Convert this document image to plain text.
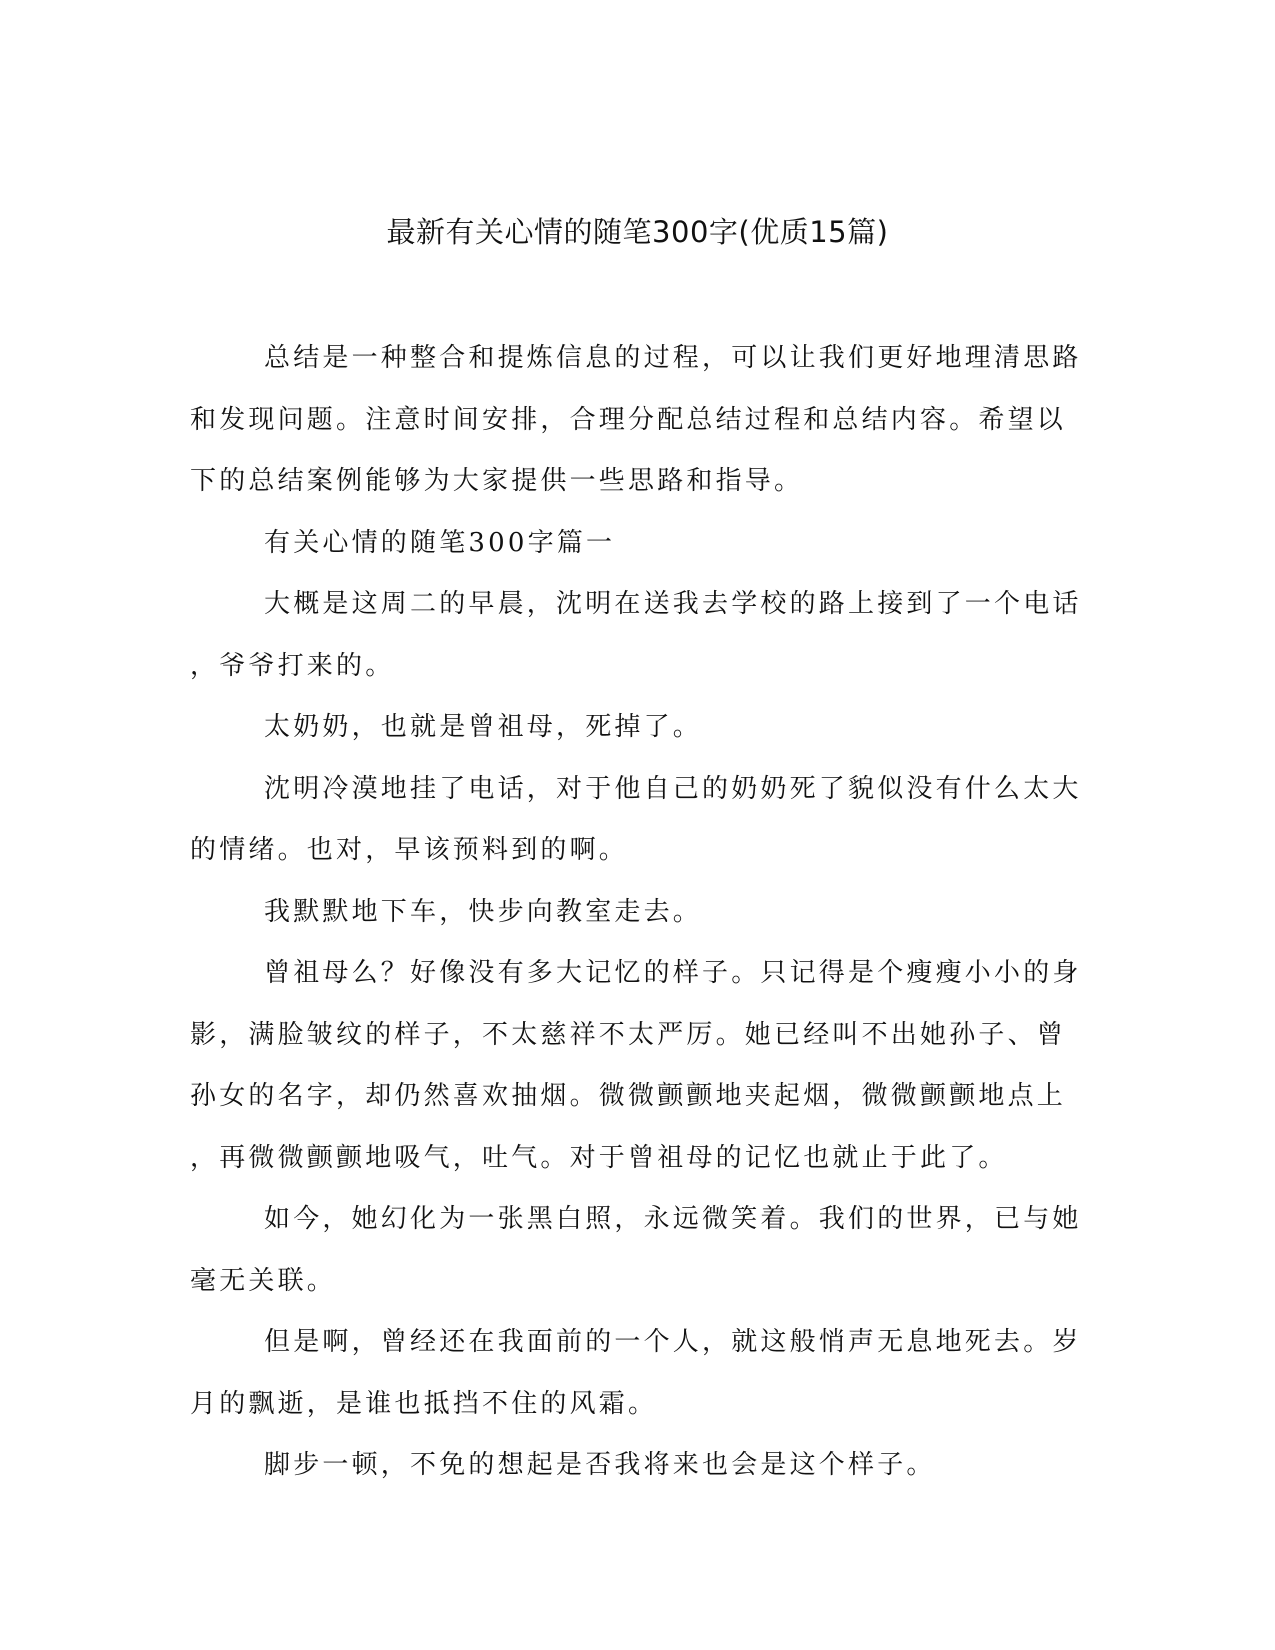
最新有关心情的随笔300字(优质15篇)
总结是一种整合和提炼信息的过程，可以让我们更好地理清思路
和发现问题。注意时间安排，合理分配总结过程和总结内容。希望以
下的总结案例能够为大家提供一些思路和指导。
有关心情的随笔300字篇一
大概是这周二的早晨，沈明在送我去学校的路上接到了一个电话
，爷爷打来的。
太奶奶，也就是曾祖母，死掉了。
沈明冷漠地挂了电话，对于他自己的奶奶死了貌似没有什么太大
的情绪。也对，早该预料到的啊。
我默默地下车，快步向教室走去。
曾祖母么？好像没有多大记忆的样子。只记得是个瘦瘦小小的身
影，满脸皱纹的样子，不太慈祥不太严厉。她已经叫不出她孙子、曾
孙女的名字，却仍然喜欢抽烟。微微颤颤地夹起烟，微微颤颤地点上
，再微微颤颤地吸气，吐气。对于曾祖母的记忆也就止于此了。
如今，她幻化为一张黑白照，永远微笑着。我们的世界，已与她
毫无关联。
但是啊，曾经还在我面前的一个人，就这般悄声无息地死去。岁
月的飘逝，是谁也抵挡不住的风霜。
脚步一顿，不免的想起是否我将来也会是这个样子。
